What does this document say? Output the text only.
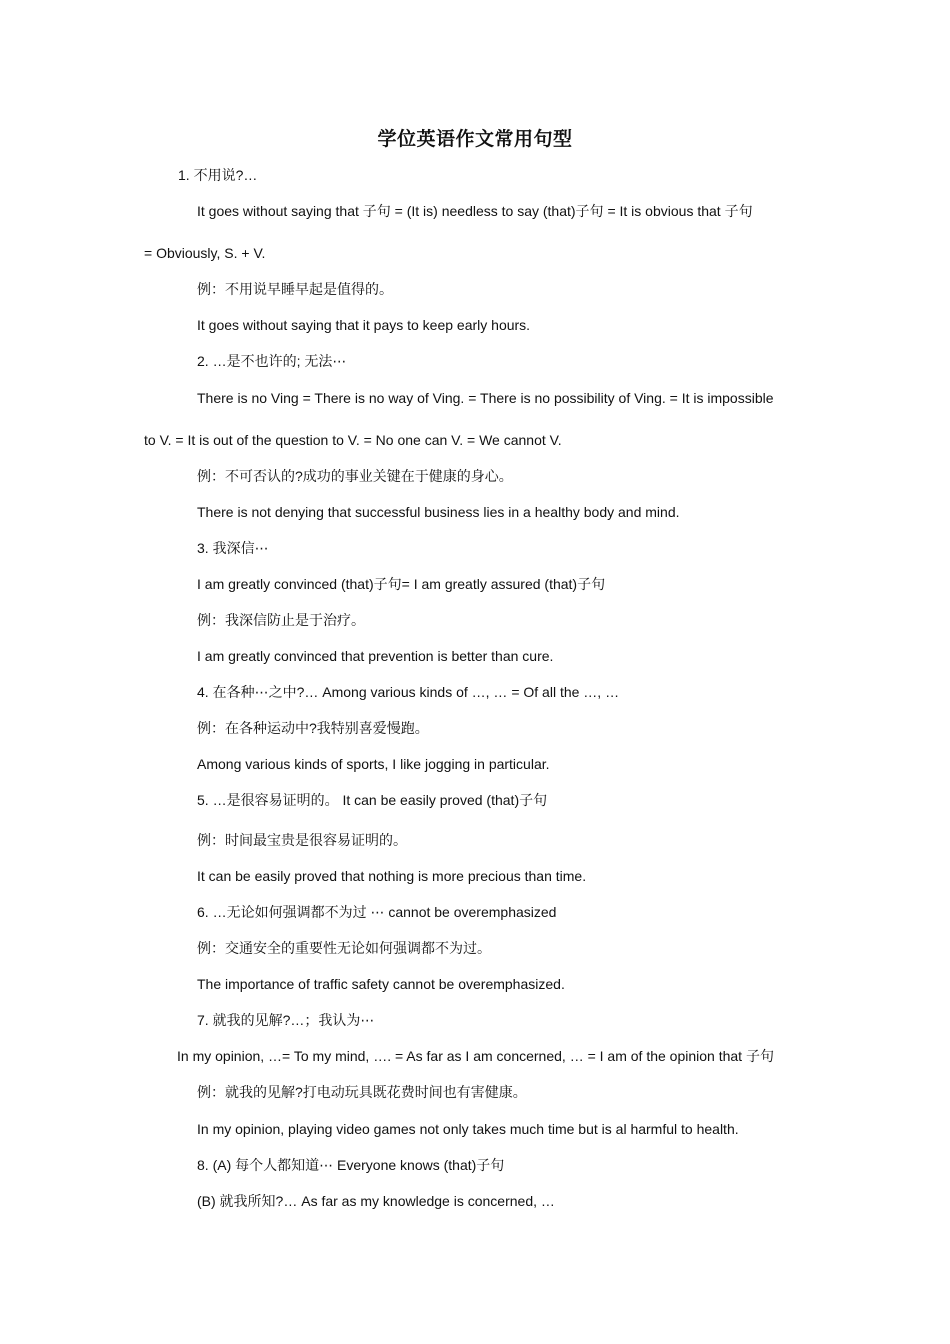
学位英语作文常用句型
1. 不用说?…
It goes without saying that 子句 = (It is) needless to say (that)子句 = It is obvious that 子句
= Obviously, S. + V.
例：不用说早睡早起是值得的。
It goes without saying that it pays to keep early hours.
2. …是不也许的; 无法⋯
There is no Ving = There is no way of Ving. = There is no possibility of Ving. = It is impossible
to V. = It is out of the question to V. = No one can V. = We cannot V.
例：不可否认的?成功的事业关键在于健康的身心。
There is not denying that successful business lies in a healthy body and mind.
3. 我深信⋯
I am greatly convinced (that)子句= I am greatly assured (that)子句
例：我深信防止是于治疗。
I am greatly convinced that prevention is better than cure.
4. 在各种⋯之中?… Among various kinds of …, … = Of all the …, …
例：在各种运动中?我特别喜爱慢跑。
Among various kinds of sports, I like jogging in particular.
5. …是很容易证明的。 It can be easily proved (that)子句
例：时间最宝贵是很容易证明的。
It can be easily proved that nothing is more precious than time.
6. …无论如何强调都不为过 ⋯ cannot be overemphasized
例：交通安全的重要性无论如何强调都不为过。
The importance of traffic safety cannot be overemphasized.
7. 就我的见解?…；我认为⋯
In my opinion, …= To my mind, …. = As far as I am concerned, … = I am of the opinion that 子句
例：就我的见解?打电动玩具既花费时间也有害健康。
In my opinion, playing video games not only takes much time but is al harmful to health.
8. (A) 每个人都知道⋯ Everyone knows (that)子句
(B) 就我所知?… As far as my knowledge is concerned, …
